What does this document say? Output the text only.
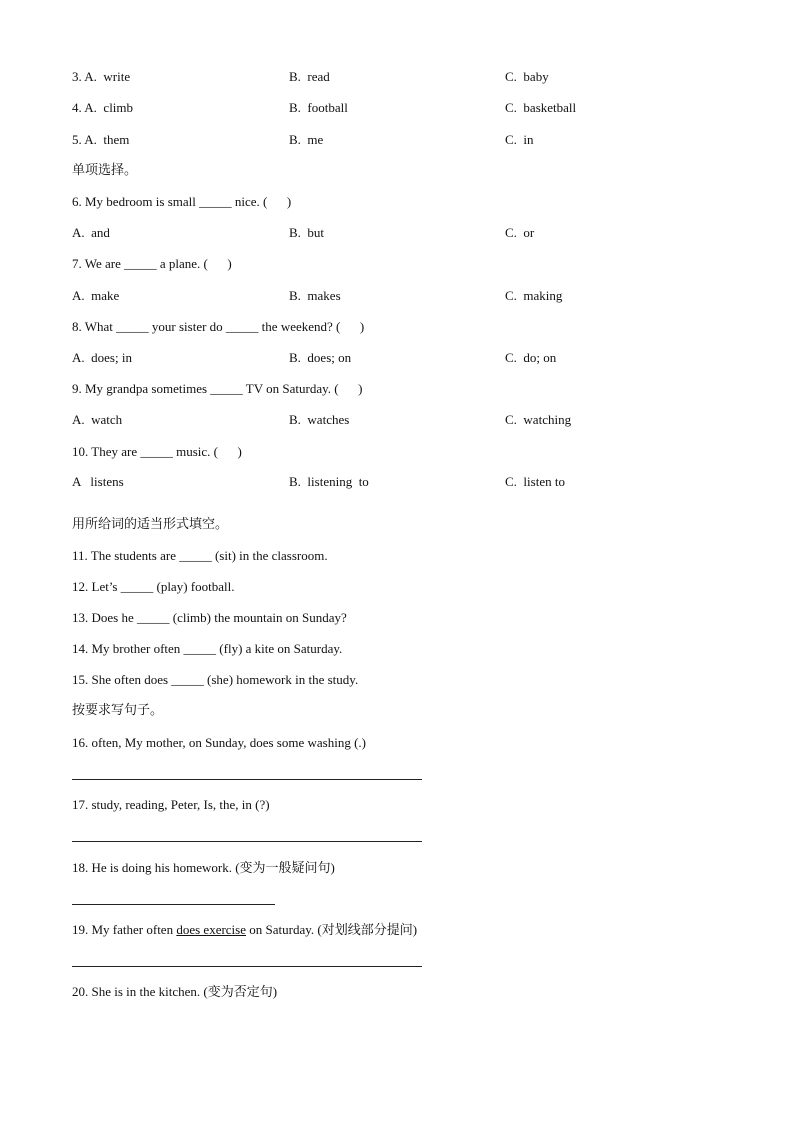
3. A.  write	B.  read	C.  baby
4. A.  climb	B.  football	C.  basketball
5. A.  them	B.  me	C.  in
单项选择。
6. My bedroom is small _____ nice. (      )
A.  and	B.  but	C.  or
7. We are _____ a plane. (      )
A.  make	B.  makes	C.  making
8. What _____ your sister do _____ the weekend? (      )
A.  does; in	B.  does; on	C.  do; on
9. My grandpa sometimes _____ TV on Saturday. (      )
A.  watch	B.  watches	C.  watching
10. They are _____ music. (      )
A   listens	B.  listening  to	C.  listen to
用所给词的适当形式填空。
11. The students are _____ (sit) in the classroom.
12. Let’s _____ (play) football.
13. Does he _____ (climb) the mountain on Sunday?
14. My brother often _____ (fly) a kite on Saturday.
15. She often does _____ (she) homework in the study.
按要求写句子。
16. often, My mother, on Sunday, does some washing (.)
17. study, reading, Peter, Is, the, in (?)
18. He is doing his homework. (变为一般疑问句)
19. My father often does exercise on Saturday. (对划线部分提问)
20. She is in the kitchen. (变为否定句)
